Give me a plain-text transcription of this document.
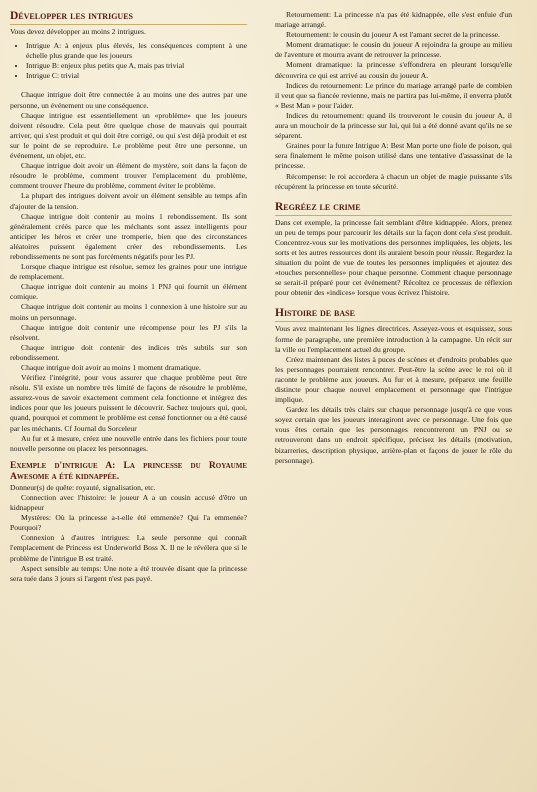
Développer les intrigues

Vous devez développer au moins 2 intrigues.

• Intrigue A: à enjeux plus élevés, les conséquences comptent à une échelle plus grande que les joueurs
• Intrigue B: enjeux plus petits que A, mais pas trivial
• Intrigue C: trivial

Chaque intrigue doit être connectée à au moins une des autres par une personne, un événement ou une conséquence.

Chaque intrigue est essentiellement un «problème» que les joueurs doivent résoudre. Cela peut être quelque chose de mauvais qui pourrait arriver, qui s'est produit et qui doit être corrigé, ou qui s'est déjà produit et est sur le point de se reproduire. Le problème peut être une personne, un événement, un objet, etc.

Chaque intrigue doit avoir un élément de mystère, soit dans la façon de résoudre le problème, comment trouver l'emplacement du problème, comment trouver l'heure du problème, comment éviter le problème.

La plupart des intrigues doivent avoir un élément sensible au temps afin d'ajouter de la tension.

Chaque intrigue doit contenir au moins 1 rebondissement. Ils sont généralement créés parce que les méchants sont assez intelligents pour anticiper les héros et créer une tromperie, bien que des circonstances aléatoires puissent également créer des rebondissements. Les rebondissements ne sont pas forcéments négatifs pour les PJ.

Lorsque chaque intrigue est résolue, semez les graines pour une intrigue de remplacement.

Chaque intrigue doit contenir au moins 1 PNJ qui fournit un élément comique.

Chaque intrigue doit contenir au moins 1 connexion à une histoire sur au moins un personnage.

Chaque intrigue doit contenir une récompense pour les PJ s'ils la résolvent.

Chaque intrigue doit contenir des indices très subtils sur son rebondissement.

Chaque intrigue doit avoir au moins 1 moment dramatique.

Vérifiez l'intégrité, pour vous assurer que chaque problème peut être résolu. S'il existe un nombre très limité de façons de résoudre le problème, assurez-vous de savoir exactement comment cela fonctionne et intégrez des indices pour que les joueurs puissent le découvrir. Sachez toujours qui, quoi, quand, pourquoi et comment le problème est censé fonctionner ou a été causé par les méchants. Cf Journal du Sorceleur

Au fur et à mesure, créez une nouvelle entrée dans les fichiers pour toute nouvelle personne ou placez les personnages.

Exemple d'intrigue A: La princesse du Royaume Awesome a été kidnappée.

Donneur(s) de quête: royauté, signalisation, etc.

Connection avec l'histoire: le joueur A a un cousin accusé d'être un kidnappeur

Mystères: Où la princesse a-t-elle été emmenée? Qui l'a emmenée? Pourquoi?

Connexion à d'autres intrigues: La seule personne qui connaît l'emplacement de Princess est Underworld Boss X. Il ne le révélera que si le problème de l'intrigue B est traité.

Aspect sensible au temps: Une note a été trouvée disant que la princesse sera tuée dans 3 jours si l'argent n'est pas payé.

Retournement: La princesse n'a pas été kidnappée, elle s'est enfuie d'un mariage arrangé.

Retournement: le cousin du joueur A est l'amant secret de la princesse.

Moment dramatique: le cousin du joueur A rejoindra la groupe au milieu de l'aventure et mourra avant de retrouver la princesse.

Moment dramatique: la princesse s'effondrera en pleurant lorsqu'elle découvrira ce qui est arrivé au cousin du joueur A.

Indices du retournement: Le prince du mariage arrangé parle de combien il veut que sa fiancée revienne, mais ne partira pas lui-même, il enverra plutôt « Best Man » pour l'aider.

Indices du retournement: quand ils trouveront le cousin du joueur A, il aura un mouchoir de la princesse sur lui, qui lui a été donné avant qu'ils ne se séparent.

Graines pour la future Intrigue A: Best Man porte une fiole de poison, qui sera finalement le même poison utilisé dans une tentative d'assassinat de la princesse.

Récompense: le roi accordera à chacun un objet de magie puissante s'ils récupèrent la princesse en toute sécurité.

Regréez le crime

Dans cet exemple, la princesse fait semblant d'être kidnappée. Alors, prenez un peu de temps pour parcourir les détails sur la façon dont cela s'est produit. Concentrez-vous sur les motivations des personnes impliquées, les objets, les sorts et les autres ressources dont ils auraient besoin pour réussir. Regardez la situation du point de vue de toutes les personnes impliquées et ajoutez des «touches personnelles» pour chaque personne. Comment chaque personnage se serait-il préparé pour cet événement? Récoltez ce processus de réflexion pour obtenir des «indices» lorsque vous écrivez l'histoire.

Histoire de base

Vous avez maintenant les lignes directrices. Asseyez-vous et esquissez, sous forme de paragraphe, une première introduction à la campagne. Un récit sur la ville ou l'emplacement actuel du groupe.

Créez maintenant des listes à puces de scènes et d'endroits probables que les personnages pourraient rencontrer. Peut-être la scène avec le roi où il raconte le problème aux joueurs. Au fur et à mesure, préparez une feuille distincte pour chaque nouvel emplacement et personnage que l'intrigue implique.

Gardez les détails très clairs sur chaque personnage jusqu'à ce que vous soyez certain que les joueurs interagiront avec ce personnage. Une fois que vous êtes certain que les personnages rencontreront un PNJ ou se retrouveront dans un endroit spécifique, précisez les détails (motivation, bizarreries, description physique, arrière-plan et façons de jouer le rôle du personnage).
